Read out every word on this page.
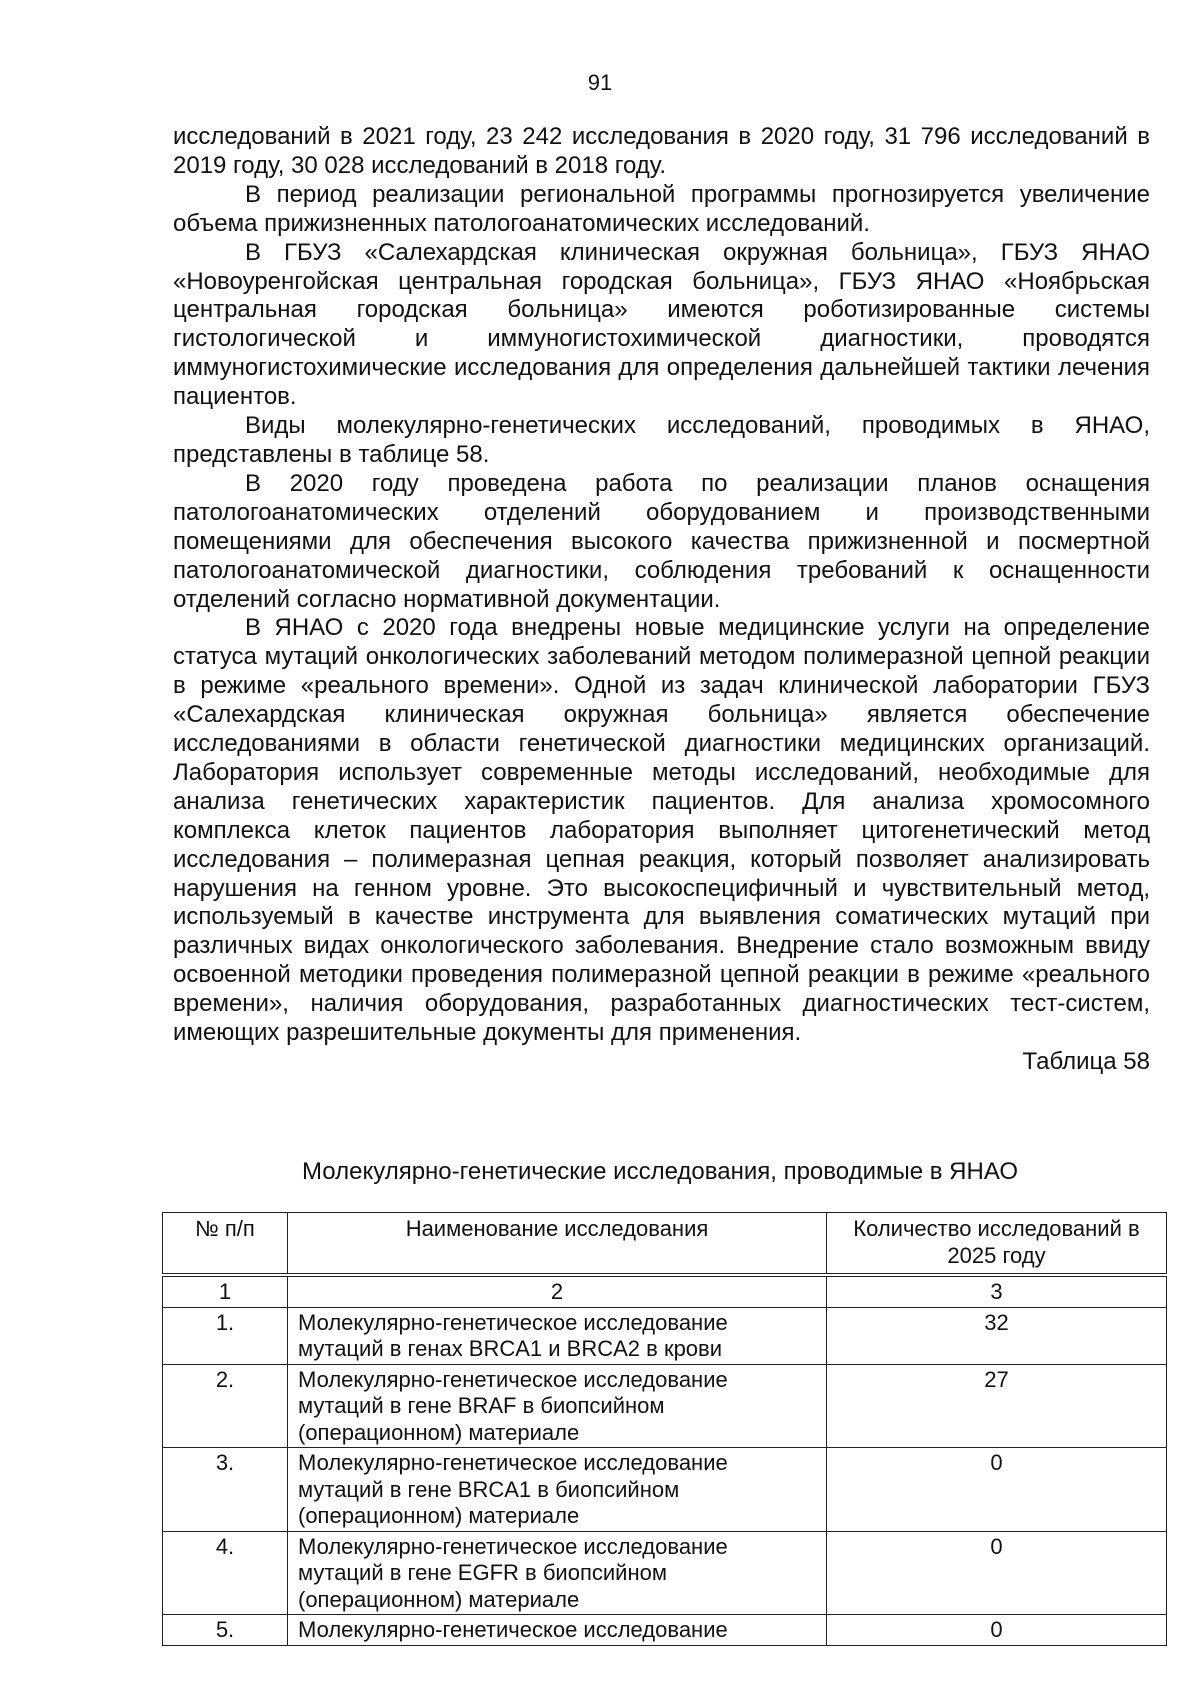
91

исследований в 2021 году, 23 242 исследования в 2020 году, 31 796 исследований в 2019 году, 30 028 исследований в 2018 году.

В период реализации региональной программы прогнозируется увеличение объема прижизненных патологоанатомических исследований.

В ГБУЗ «Салехардская клиническая окружная больница», ГБУЗ ЯНАО «Новоуренгойская центральная городская больница», ГБУЗ ЯНАО «Ноябрьская центральная городская больница» имеются роботизированные системы гистологической и иммуногистохимической диагностики, проводятся иммуногистохимические исследования для определения дальнейшей тактики лечения пациентов.

Виды молекулярно-генетических исследований, проводимых в ЯНАО, представлены в таблице 58.

В 2020 году проведена работа по реализации планов оснащения патологоанатомических отделений оборудованием и производственными помещениями для обеспечения высокого качества прижизненной и посмертной патологоанатомической диагностики, соблюдения требований к оснащенности отделений согласно нормативной документации.

В ЯНАО с 2020 года внедрены новые медицинские услуги на определение статуса мутаций онкологических заболеваний методом полимеразной цепной реакции в режиме «реального времени». Одной из задач клинической лаборатории ГБУЗ «Салехардская клиническая окружная больница» является обеспечение исследованиями в области генетической диагностики медицинских организаций. Лаборатория использует современные методы исследований, необходимые для анализа генетических характеристик пациентов. Для анализа хромосомного комплекса клеток пациентов лаборатория выполняет цитогенетический метод исследования – полимеразная цепная реакция, который позволяет анализировать нарушения на генном уровне. Это высокоспецифичный и чувствительный метод, используемый в качестве инструмента для выявления соматических мутаций при различных видах онкологического заболевания. Внедрение стало возможным ввиду освоенной методики проведения полимеразной цепной реакции в режиме «реального времени», наличия оборудования, разработанных диагностических тест-систем, имеющих разрешительные документы для применения.

Таблица 58

Молекулярно-генетические исследования, проводимые в ЯНАО
№ п/п	Наименование исследования	Количество исследований в 2025 году
1	2	3
1.	Молекулярно-генетическое исследование мутаций в генах BRCA1 и BRCA2 в крови	32
2.	Молекулярно-генетическое исследование мутаций в гене BRAF в биопсийном (операционном) материале	27
3.	Молекулярно-генетическое исследование мутаций в гене BRCA1 в биопсийном (операционном) материале	0
4.	Молекулярно-генетическое исследование мутаций в гене EGFR в биопсийном (операционном) материале	0
5.	Молекулярно-генетическое исследование	0
